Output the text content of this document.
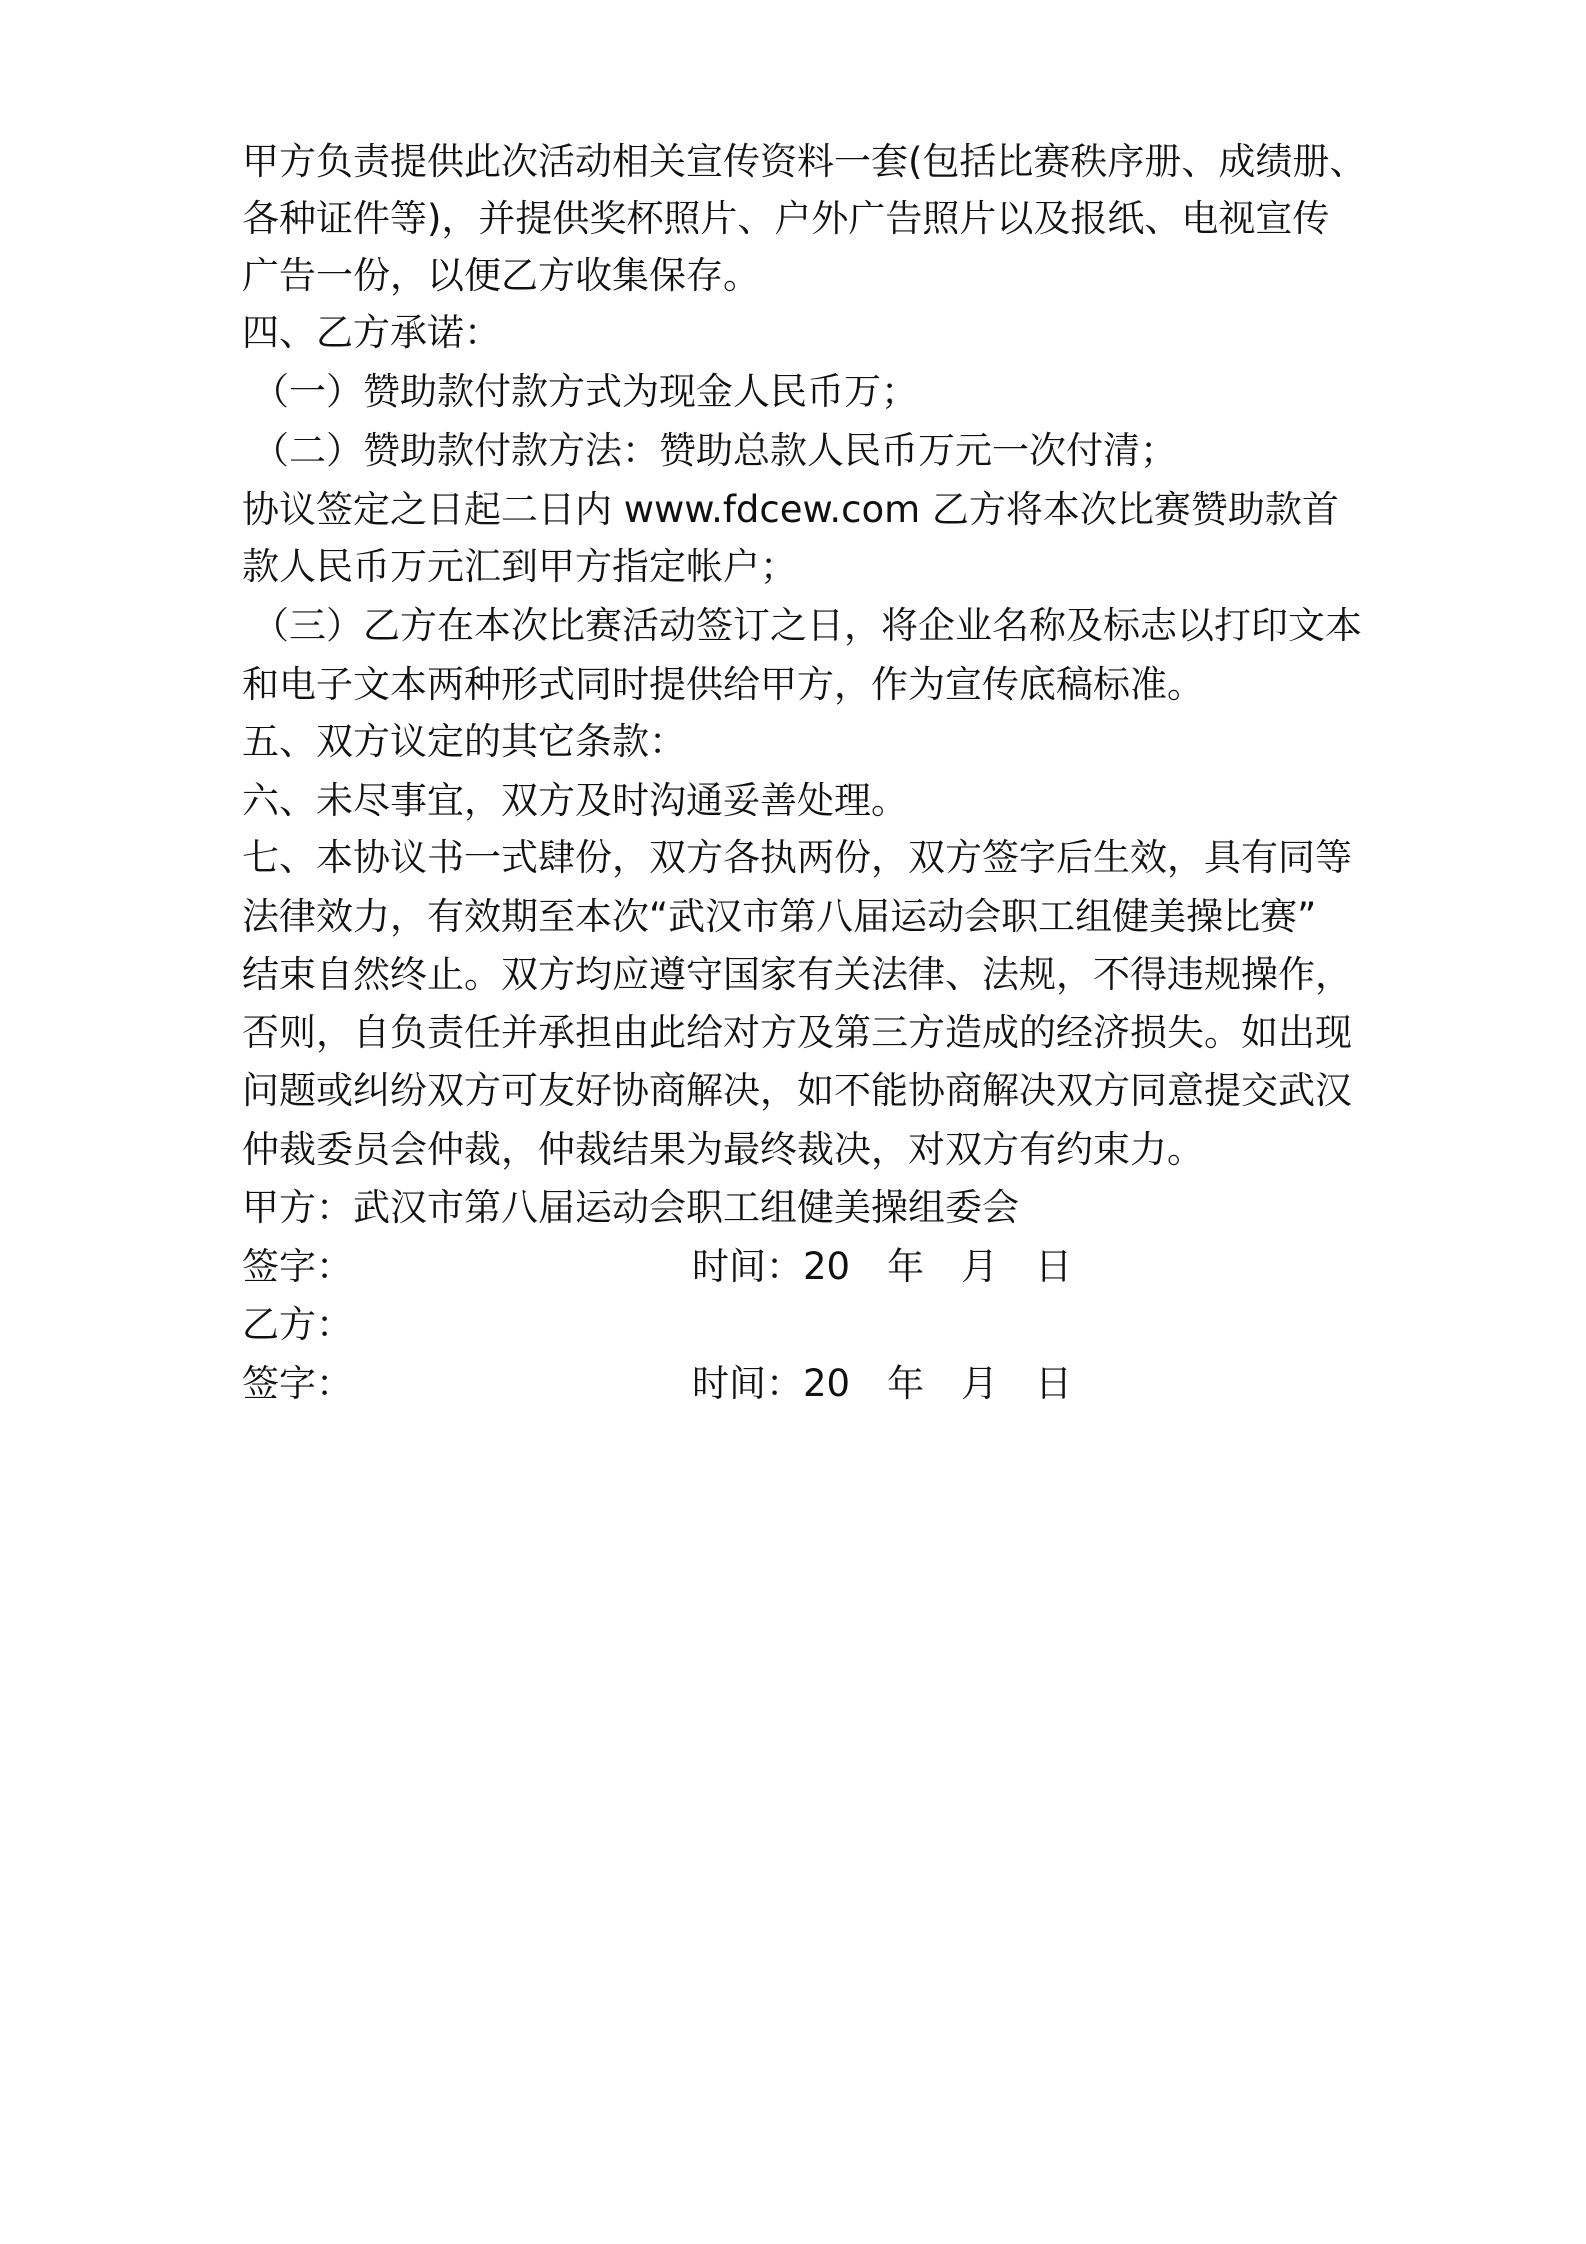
甲方负责提供此次活动相关宣传资料一套(包括比赛秩序册、成绩册、
各种证件等)，并提供奖杯照片、户外广告照片以及报纸、电视宣传
广告一份，以便乙方收集保存。
四、乙方承诺：
（一）赞助款付款方式为现金人民币万；
（二）赞助款付款方法：赞助总款人民币万元一次付清；
协议签定之日起二日内 www.fdcew.com 乙方将本次比赛赞助款首
款人民币万元汇到甲方指定帐户；
（三）乙方在本次比赛活动签订之日，将企业名称及标志以打印文本
和电子文本两种形式同时提供给甲方，作为宣传底稿标准。
五、双方议定的其它条款：
六、未尽事宜，双方及时沟通妥善处理。
七、本协议书一式肆份，双方各执两份，双方签字后生效，具有同等
法律效力，有效期至本次“武汉市第八届运动会职工组健美操比赛”
结束自然终止。双方均应遵守国家有关法律、法规，不得违规操作，
否则，自负责任并承担由此给对方及第三方造成的经济损失。如出现
问题或纠纷双方可友好协商解决，如不能协商解决双方同意提交武汉
仲裁委员会仲裁，仲裁结果为最终裁决，对双方有约束力。
甲方：武汉市第八届运动会职工组健美操组委会
签字：	时间：20　年　月　日
乙方：
签字：	时间：20　年　月　日
